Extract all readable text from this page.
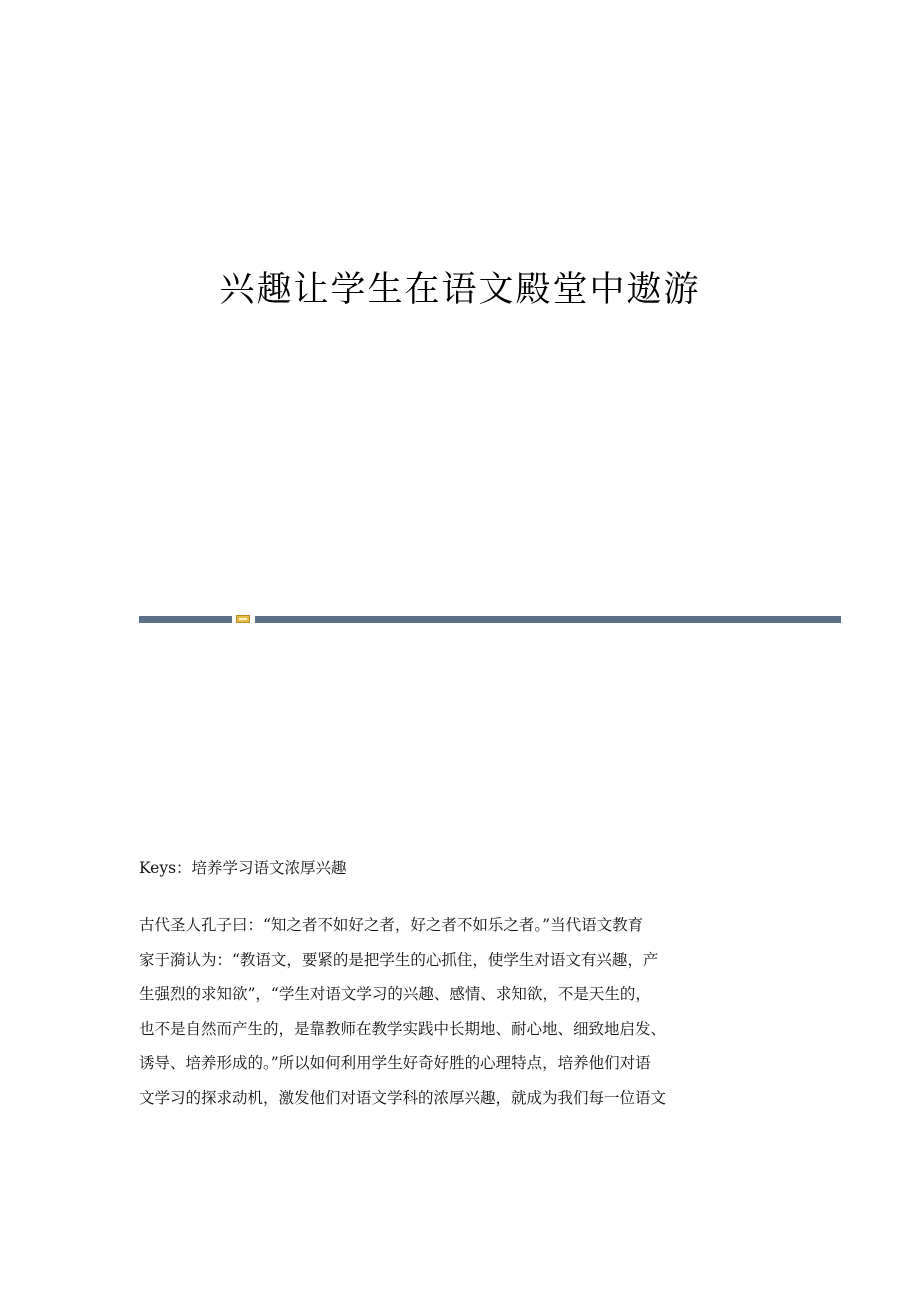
兴趣让学生在语文殿堂中遨游
Keys：培养学习语文浓厚兴趣
古代圣人孔子曰：“知之者不如好之者，好之者不如乐之者。”当代语文教育
家于漪认为：“教语文，要紧的是把学生的心抓住，使学生对语文有兴趣，产
生强烈的求知欲”，“学生对语文学习的兴趣、感情、求知欲，不是天生的，
也不是自然而产生的，是靠教师在教学实践中长期地、耐心地、细致地启发、
诱导、培养形成的。”所以如何利用学生好奇好胜的心理特点，培养他们对语
文学习的探求动机，激发他们对语文学科的浓厚兴趣，就成为我们每一位语文
